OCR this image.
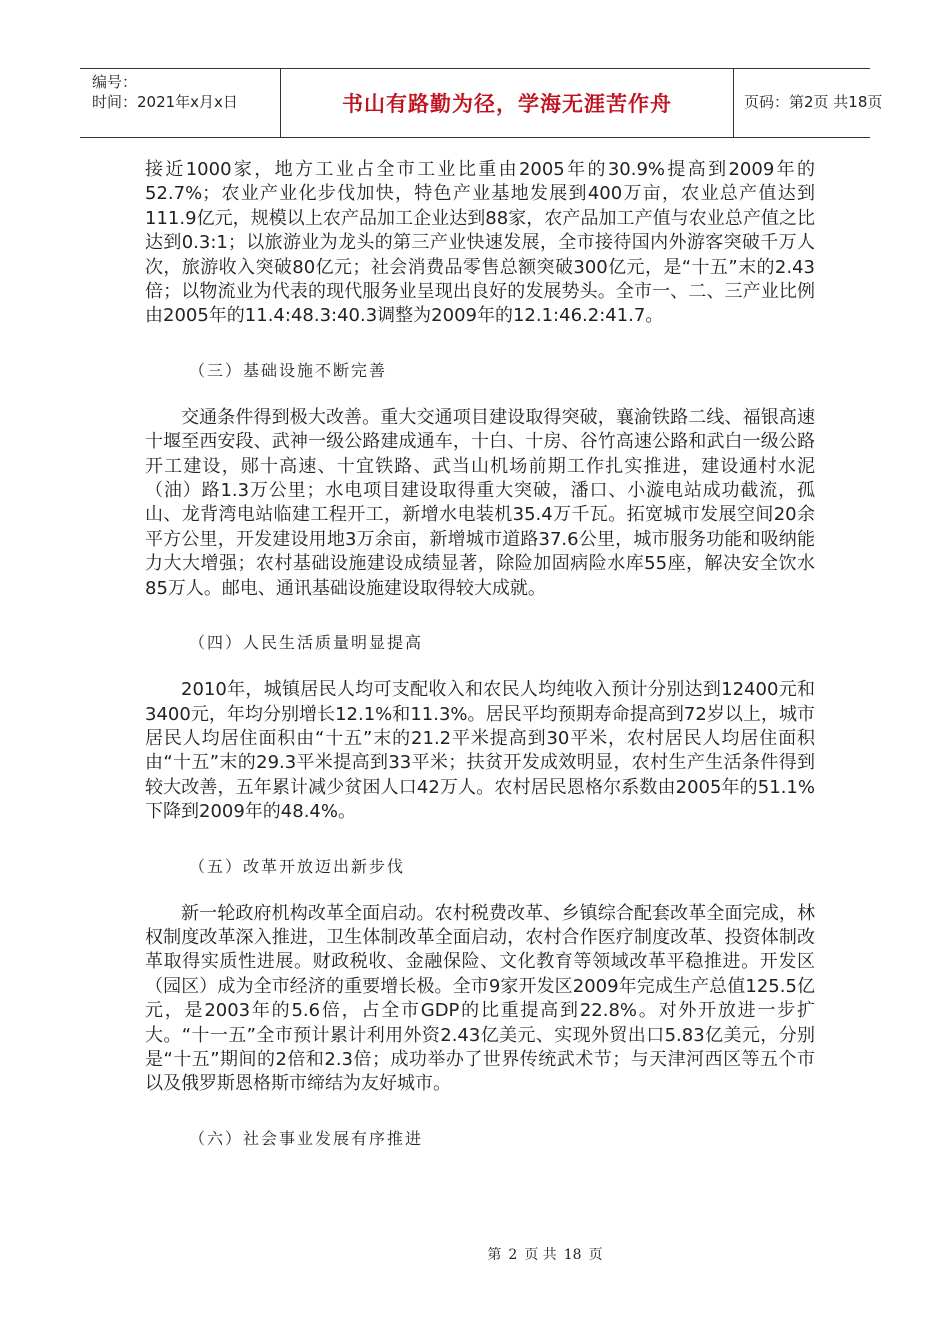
编号：
时间：2021年x月x日	书山有路勤为径，学海无涯苦作舟	页码：第2页 共18页

接近1000家，地方工业占全市工业比重由2005年的30.9%提高到2009年的52.7%；农业产业化步伐加快，特色产业基地发展到400万亩，农业总产值达到111.9亿元，规模以上农产品加工企业达到88家，农产品加工产值与农业总产值之比达到0.3:1；以旅游业为龙头的第三产业快速发展，全市接待国内外游客突破千万人次，旅游收入突破80亿元；社会消费品零售总额突破300亿元，是“十五”末的2.43倍；以物流业为代表的现代服务业呈现出良好的发展势头。全市一、二、三产业比例由2005年的11.4:48.3:40.3调整为2009年的12.1:46.2:41.7。

（三）基础设施不断完善

交通条件得到极大改善。重大交通项目建设取得突破，襄渝铁路二线、福银高速十堰至西安段、武神一级公路建成通车，十白、十房、谷竹高速公路和武白一级公路开工建设，郧十高速、十宜铁路、武当山机场前期工作扎实推进，建设通村水泥（油）路1.3万公里；水电项目建设取得重大突破，潘口、小漩电站成功截流，孤山、龙背湾电站临建工程开工，新增水电装机35.4万千瓦。拓宽城市发展空间20余平方公里，开发建设用地3万余亩，新增城市道路37.6公里，城市服务功能和吸纳能力大大增强；农村基础设施建设成绩显著，除险加固病险水库55座，解决安全饮水85万人。邮电、通讯基础设施建设取得较大成就。

（四）人民生活质量明显提高

2010年，城镇居民人均可支配收入和农民人均纯收入预计分别达到12400元和3400元，年均分别增长12.1%和11.3%。居民平均预期寿命提高到72岁以上，城市居民人均居住面积由“十五”末的21.2平米提高到30平米，农村居民人均居住面积由“十五”末的29.3平米提高到33平米；扶贫开发成效明显，农村生产生活条件得到较大改善，五年累计减少贫困人口42万人。农村居民恩格尔系数由2005年的51.1%下降到2009年的48.4%。

（五）改革开放迈出新步伐

新一轮政府机构改革全面启动。农村税费改革、乡镇综合配套改革全面完成，林权制度改革深入推进，卫生体制改革全面启动，农村合作医疗制度改革、投资体制改革取得实质性进展。财政税收、金融保险、文化教育等领域改革平稳推进。开发区（园区）成为全市经济的重要增长极。全市9家开发区2009年完成生产总值125.5亿元，是2003年的5.6倍，占全市GDP的比重提高到22.8%。对外开放进一步扩大。“十一五”全市预计累计利用外资2.43亿美元、实现外贸出口5.83亿美元，分别是“十五”期间的2倍和2.3倍；成功举办了世界传统武术节；与天津河西区等五个市以及俄罗斯恩格斯市缔结为友好城市。

（六）社会事业发展有序推进

第 2 页 共 18 页
